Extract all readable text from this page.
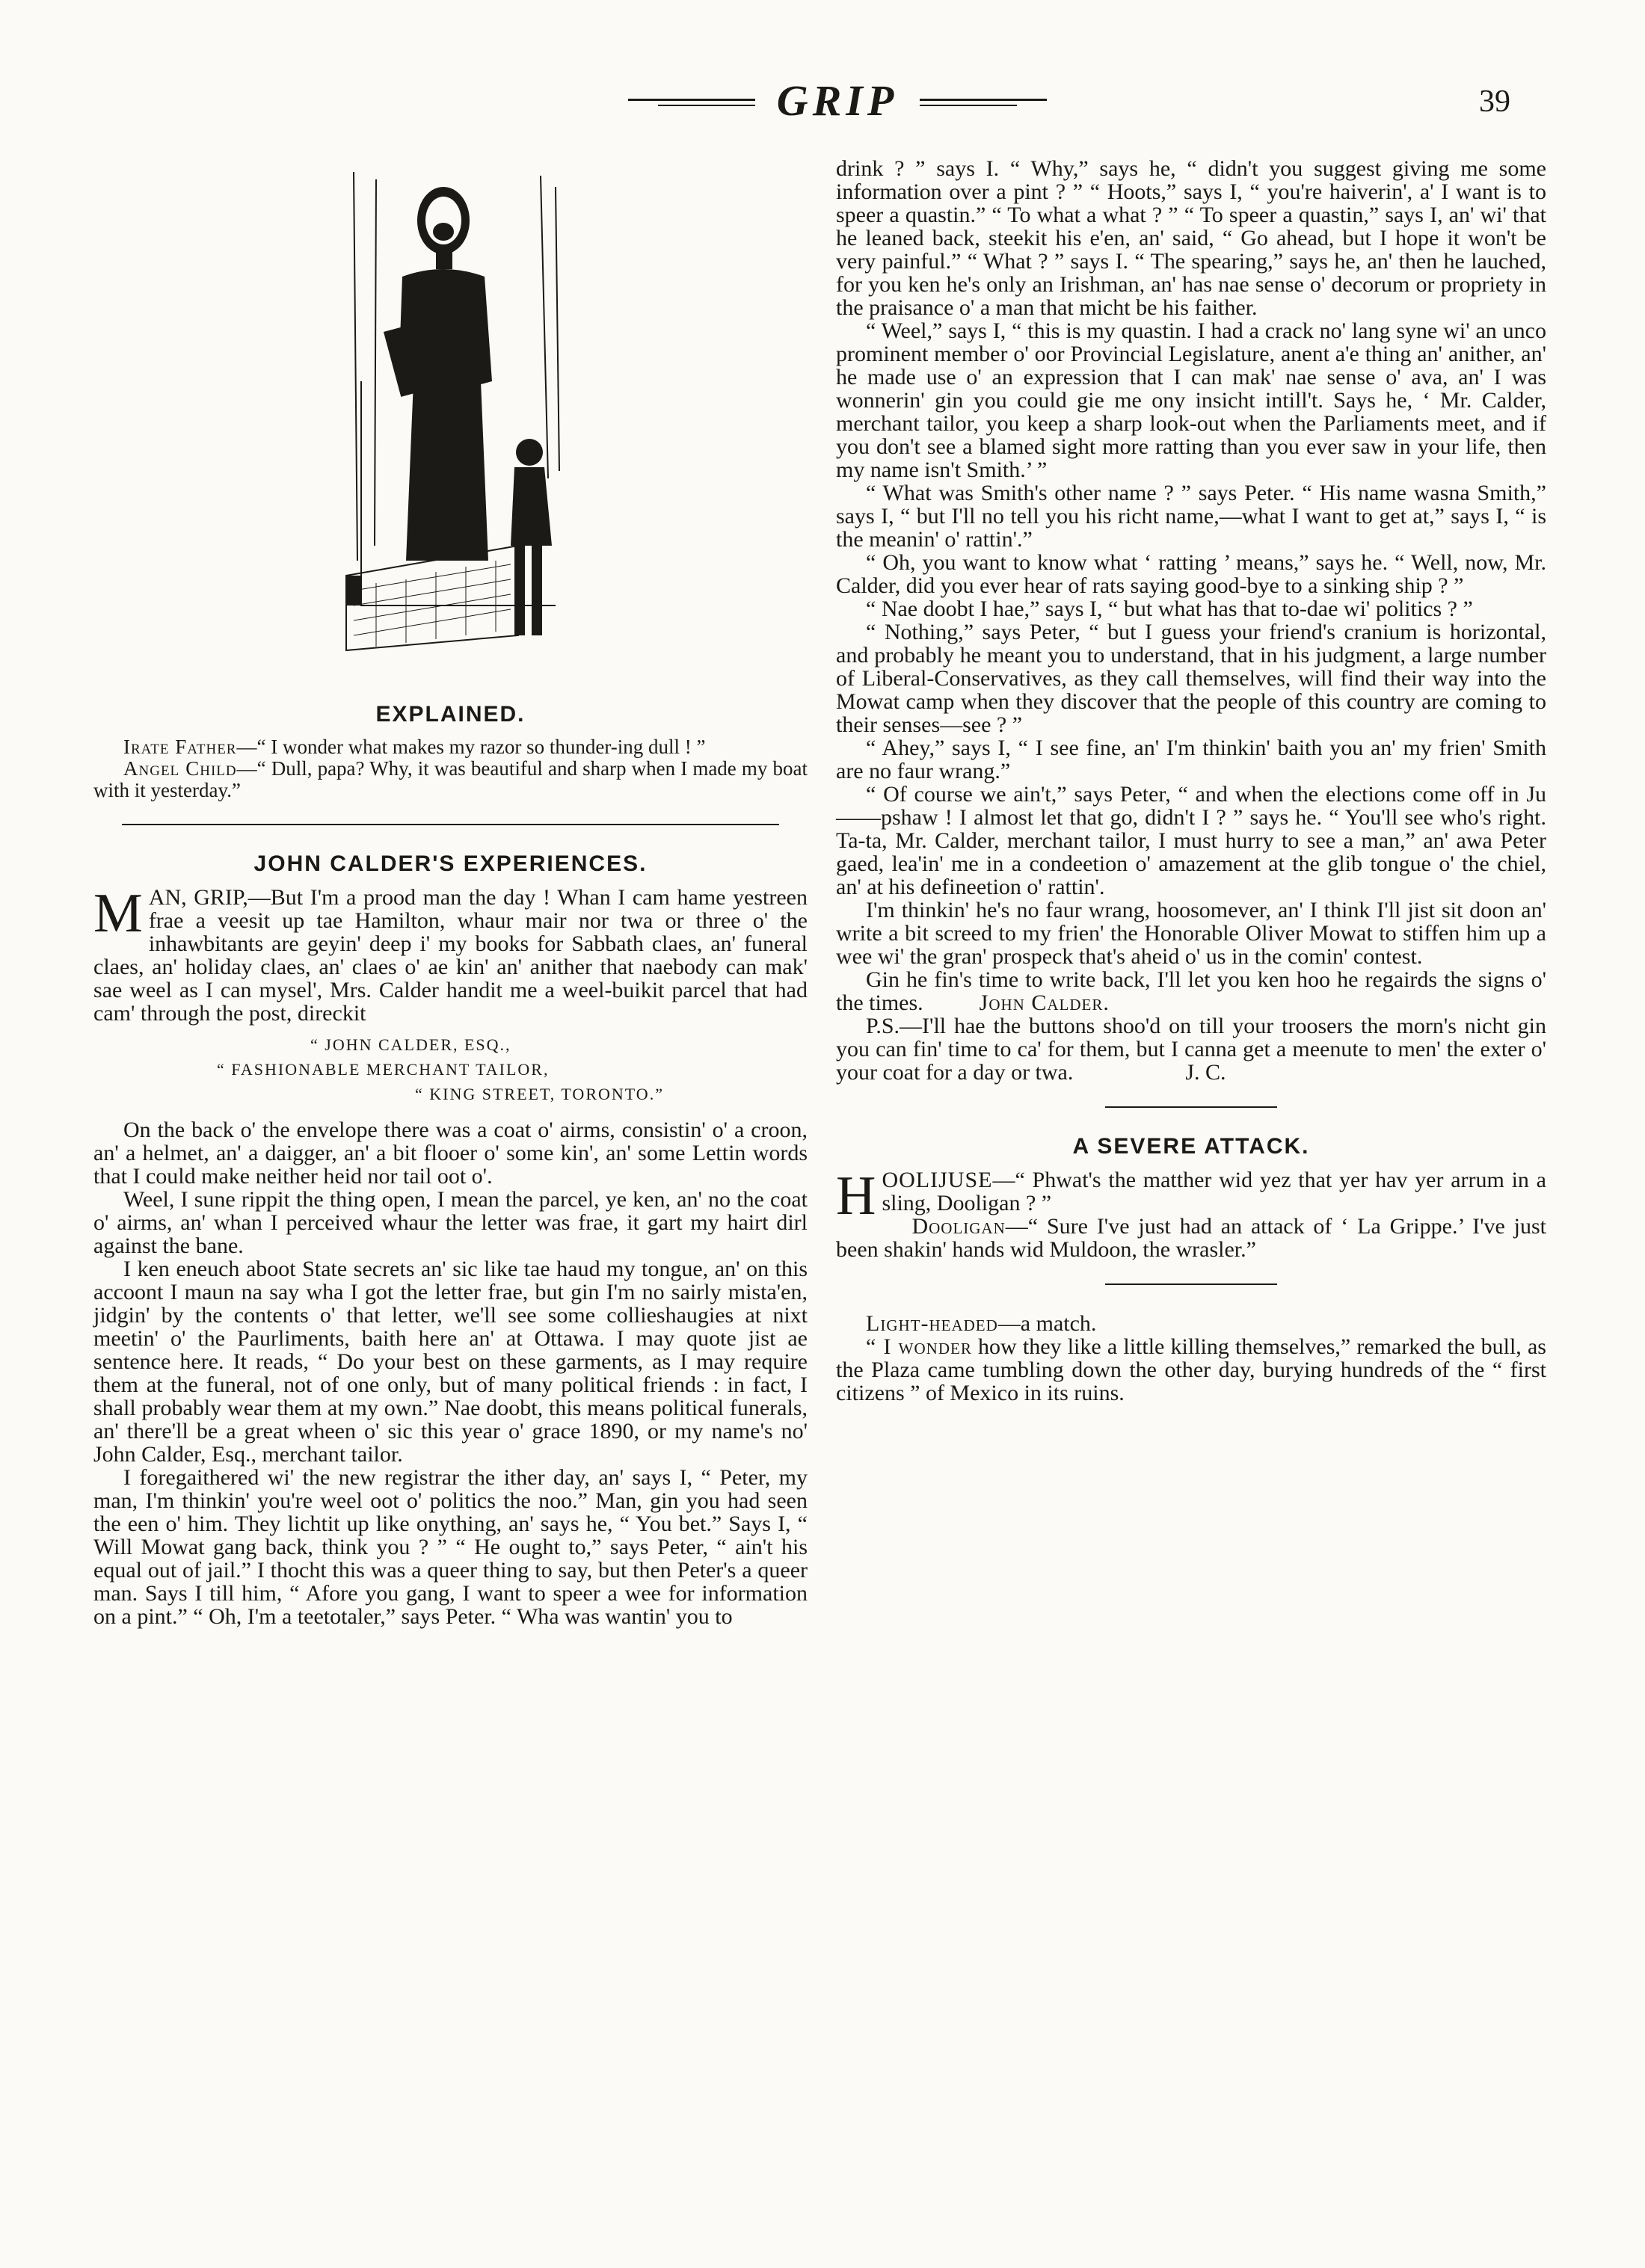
GRIP	39
EXPLAINED.

Irate Father—“ I wonder what makes my razor so thunder-ing dull ! ”

Angel Child—“ Dull, papa? Why, it was beautiful and sharp when I made my boat with it yesterday.”

JOHN CALDER'S EXPERIENCES.

MAN, GRIP,—But I'm a prood man the day ! Whan I cam hame yestreen frae a veesit up tae Hamilton, whaur mair nor twa or three o' the inhawbitants are geyin' deep i' my books for Sabbath claes, an' funeral claes, an' holiday claes, an' claes o' ae kin' an' anither that naebody can mak' sae weel as I can mysel', Mrs. Calder handit me a weel-buikit parcel that had cam' through the post, direckit

“ JOHN CALDER, ESQ.,
“ FASHIONABLE MERCHANT TAILOR,
“ KING STREET, TORONTO.”

On the back o' the envelope there was a coat o' airms, consistin' o' a croon, an' a helmet, an' a daigger, an' a bit flooer o' some kin', an' some Lettin words that I could make neither heid nor tail oot o'.

Weel, I sune rippit the thing open, I mean the parcel, ye ken, an' no the coat o' airms, an' whan I perceived whaur the letter was frae, it gart my hairt dirl against the bane.

I ken eneuch aboot State secrets an' sic like tae haud my tongue, an' on this accoont I maun na say wha I got the letter frae, but gin I'm no sairly mista'en, jidgin' by the contents o' that letter, we'll see some collieshaugies at nixt meetin' o' the Paurliments, baith here an' at Ottawa. I may quote jist ae sentence here. It reads, “ Do your best on these garments, as I may require them at the funeral, not of one only, but of many political friends : in fact, I shall probably wear them at my own.” Nae doobt, this means political funerals, an' there'll be a great wheen o' sic this year o' grace 1890, or my name's no' John Calder, Esq., merchant tailor.

I foregaithered wi' the new registrar the ither day, an' says I, “ Peter, my man, I'm thinkin' you're weel oot o' politics the noo.” Man, gin you had seen the een o' him. They lichtit up like onything, an' says he, “ You bet.” Says I, “ Will Mowat gang back, think you ? ” “ He ought to,” says Peter, “ ain't his equal out of jail.” I thocht this was a queer thing to say, but then Peter's a queer man. Says I till him, “ Afore you gang, I want to speer a wee for information on a pint.” “ Oh, I'm a teetotaler,” says Peter. “ Wha was wantin' you to

drink ? ” says I. “ Why,” says he, “ didn't you suggest giving me some information over a pint ? ” “ Hoots,” says I, “ you're haiverin', a' I want is to speer a quastin.” “ To what a what ? ” “ To speer a quastin,” says I, an' wi' that he leaned back, steekit his e'en, an' said, “ Go ahead, but I hope it won't be very painful.” “ What ? ” says I. “ The spearing,” says he, an' then he lauched, for you ken he's only an Irishman, an' has nae sense o' decorum or propriety in the praisance o' a man that micht be his faither.

“ Weel,” says I, “ this is my quastin. I had a crack no' lang syne wi' an unco prominent member o' oor Provincial Legislature, anent a'e thing an' anither, an' he made use o' an expression that I can mak' nae sense o' ava, an' I was wonnerin' gin you could gie me ony insicht intill't. Says he, ‘ Mr. Calder, merchant tailor, you keep a sharp look-out when the Parliaments meet, and if you don't see a blamed sight more ratting than you ever saw in your life, then my name isn't Smith.’ ”

“ What was Smith's other name ? ” says Peter. “ His name wasna Smith,” says I, “ but I'll no tell you his richt name,—what I want to get at,” says I, “ is the meanin' o' rattin'.”

“ Oh, you want to know what ‘ ratting ’ means,” says he. “ Well, now, Mr. Calder, did you ever hear of rats saying good-bye to a sinking ship ? ”

“ Nae doobt I hae,” says I, “ but what has that to-dae wi' politics ? ”

“ Nothing,” says Peter, “ but I guess your friend's cranium is horizontal, and probably he meant you to understand, that in his judgment, a large number of Liberal-Conservatives, as they call themselves, will find their way into the Mowat camp when they discover that the people of this country are coming to their senses—see ? ”

“ Ahey,” says I, “ I see fine, an' I'm thinkin' baith you an' my frien' Smith are no faur wrang.”

“ Of course we ain't,” says Peter, “ and when the elections come off in Ju——pshaw ! I almost let that go, didn't I ? ” says he. “ You'll see who's right. Ta-ta, Mr. Calder, merchant tailor, I must hurry to see a man,” an' awa Peter gaed, lea'in' me in a condeetion o' amazement at the glib tongue o' the chiel, an' at his defineetion o' rattin'.

I'm thinkin' he's no faur wrang, hoosomever, an' I think I'll jist sit doon an' write a bit screed to my frien' the Honorable Oliver Mowat to stiffen him up a wee wi' the gran' prospeck that's aheid o' us in the comin' contest.

Gin he fin's time to write back, I'll let you ken hoo he regairds the signs o' the times.	John Calder.

P.S.—I'll hae the buttons shoo'd on till your troosers the morn's nicht gin you can fin' time to ca' for them, but I canna get a meenute to men' the exter o' your coat for a day or twa.	J. C.

A SEVERE ATTACK.

HOOLIJUSE—“ Phwat's the matther wid yez that yer hav yer arrum in a sling, Dooligan ? ”

Dooligan—“ Sure I've just had an attack of ‘ La Grippe.’ I've just been shakin' hands wid Muldoon, the wrasler.”

Light-headed—a match.

“ I wonder how they like a little killing themselves,” remarked the bull, as the Plaza came tumbling down the other day, burying hundreds of the “ first citizens ” of Mexico in its ruins.
